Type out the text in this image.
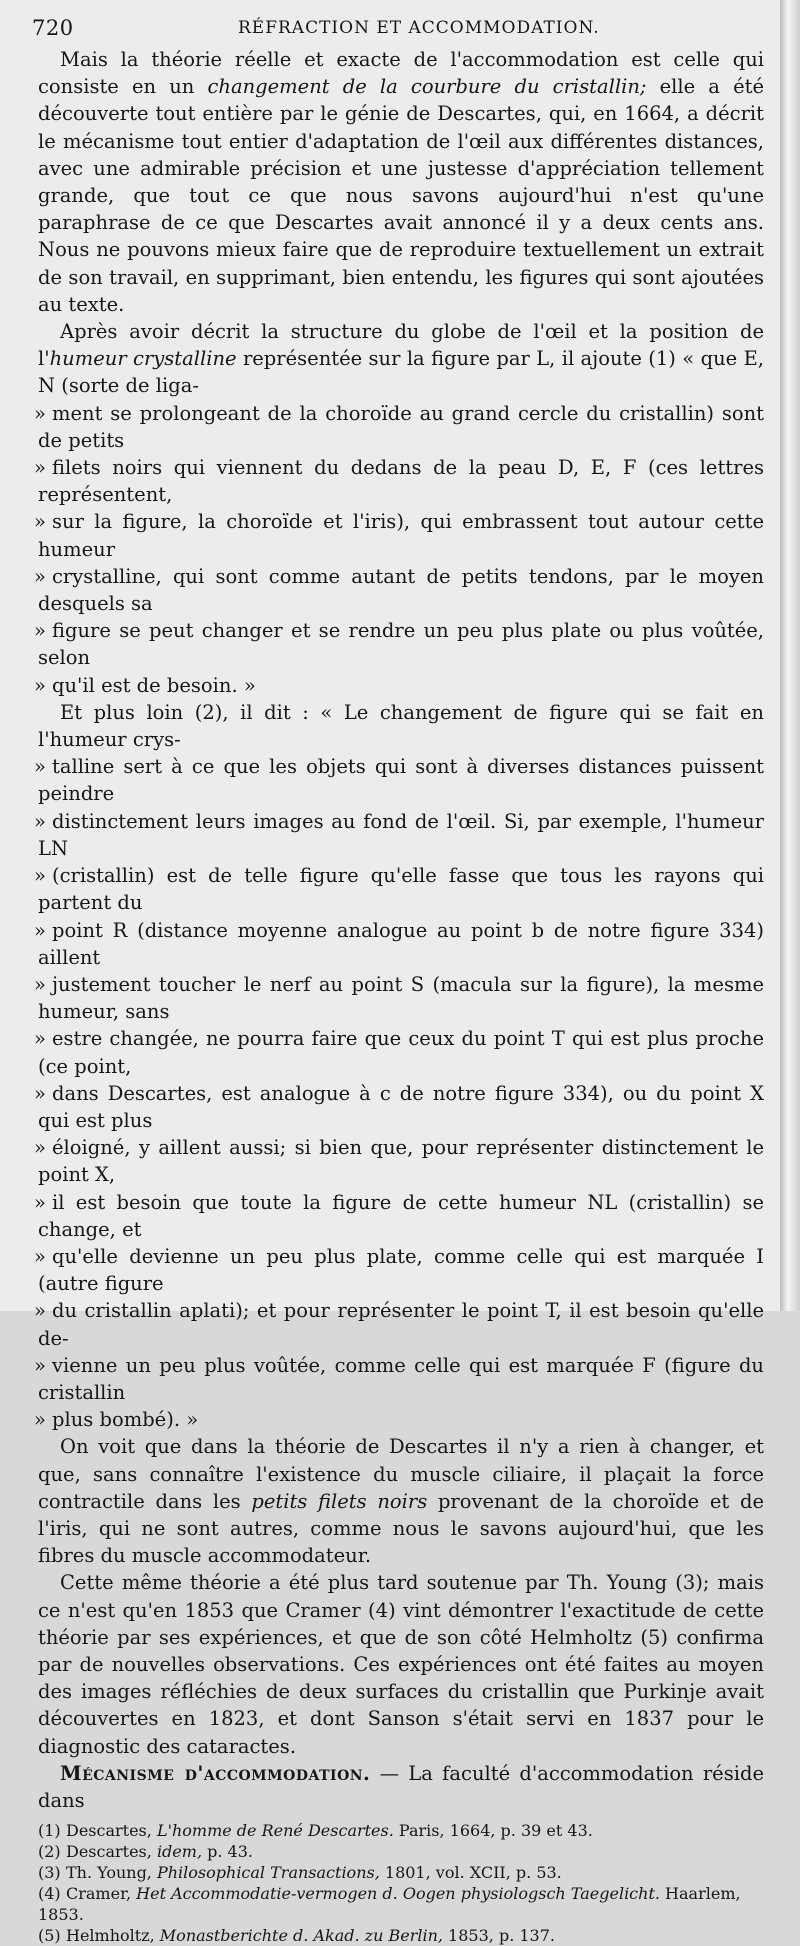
720	RÉFRACTION ET ACCOMMODATION.

Mais la théorie réelle et exacte de l'accommodation est celle qui consiste en un changement de la courbure du cristallin; elle a été découverte tout entière par le génie de Descartes, qui, en 1664, a décrit le mécanisme tout entier d'adaptation de l'œil aux différentes distances, avec une admirable précision et une justesse d'appréciation tellement grande, que tout ce que nous savons aujourd'hui n'est qu'une paraphrase de ce que Descartes avait annoncé il y a deux cents ans. Nous ne pouvons mieux faire que de reproduire textuellement un extrait de son travail, en supprimant, bien entendu, les figures qui sont ajoutées au texte.

Après avoir décrit la structure du globe de l'œil et la position de l'humeur crystalline représentée sur la figure par L, il ajoute (1) « que E, N (sorte de liga-

» ment se prolongeant de la choroïde au grand cercle du cristallin) sont de petits
» filets noirs qui viennent du dedans de la peau D, E, F (ces lettres représentent,
» sur la figure, la choroïde et l'iris), qui embrassent tout autour cette humeur
» crystalline, qui sont comme autant de petits tendons, par le moyen desquels sa
» figure se peut changer et se rendre un peu plus plate ou plus voûtée, selon
» qu'il est de besoin. »

Et plus loin (2), il dit : « Le changement de figure qui se fait en l'humeur crys-

» talline sert à ce que les objets qui sont à diverses distances puissent peindre
» distinctement leurs images au fond de l'œil. Si, par exemple, l'humeur LN
» (cristallin) est de telle figure qu'elle fasse que tous les rayons qui partent du
» point R (distance moyenne analogue au point b de notre figure 334) aillent
» justement toucher le nerf au point S (macula sur la figure), la mesme humeur, sans
» estre changée, ne pourra faire que ceux du point T qui est plus proche (ce point,
» dans Descartes, est analogue à c de notre figure 334), ou du point X qui est plus
» éloigné, y aillent aussi; si bien que, pour représenter distinctement le point X,
» il est besoin que toute la figure de cette humeur NL (cristallin) se change, et
» qu'elle devienne un peu plus plate, comme celle qui est marquée I (autre figure
» du cristallin aplati); et pour représenter le point T, il est besoin qu'elle de-
» vienne un peu plus voûtée, comme celle qui est marquée F (figure du cristallin
» plus bombé). »

On voit que dans la théorie de Descartes il n'y a rien à changer, et que, sans connaître l'existence du muscle ciliaire, il plaçait la force contractile dans les petits filets noirs provenant de la choroïde et de l'iris, qui ne sont autres, comme nous le savons aujourd'hui, que les fibres du muscle accommodateur.

Cette même théorie a été plus tard soutenue par Th. Young (3); mais ce n'est qu'en 1853 que Cramer (4) vint démontrer l'exactitude de cette théorie par ses expériences, et que de son côté Helmholtz (5) confirma par de nouvelles observations. Ces expériences ont été faites au moyen des images réfléchies de deux surfaces du cristallin que Purkinje avait découvertes en 1823, et dont Sanson s'était servi en 1837 pour le diagnostic des cataractes.

Mécanisme d'accommodation. — La faculté d'accommodation réside dans

(1) Descartes, L'homme de René Descartes. Paris, 1664, p. 39 et 43.
(2) Descartes, idem, p. 43.
(3) Th. Young, Philosophical Transactions, 1801, vol. XCII, p. 53.
(4) Cramer, Het Accommodatie-vermogen d. Oogen physiologsch Taegelicht. Haarlem, 1853.
(5) Helmholtz, Monastberichte d. Akad. zu Berlin, 1853, p. 137.
